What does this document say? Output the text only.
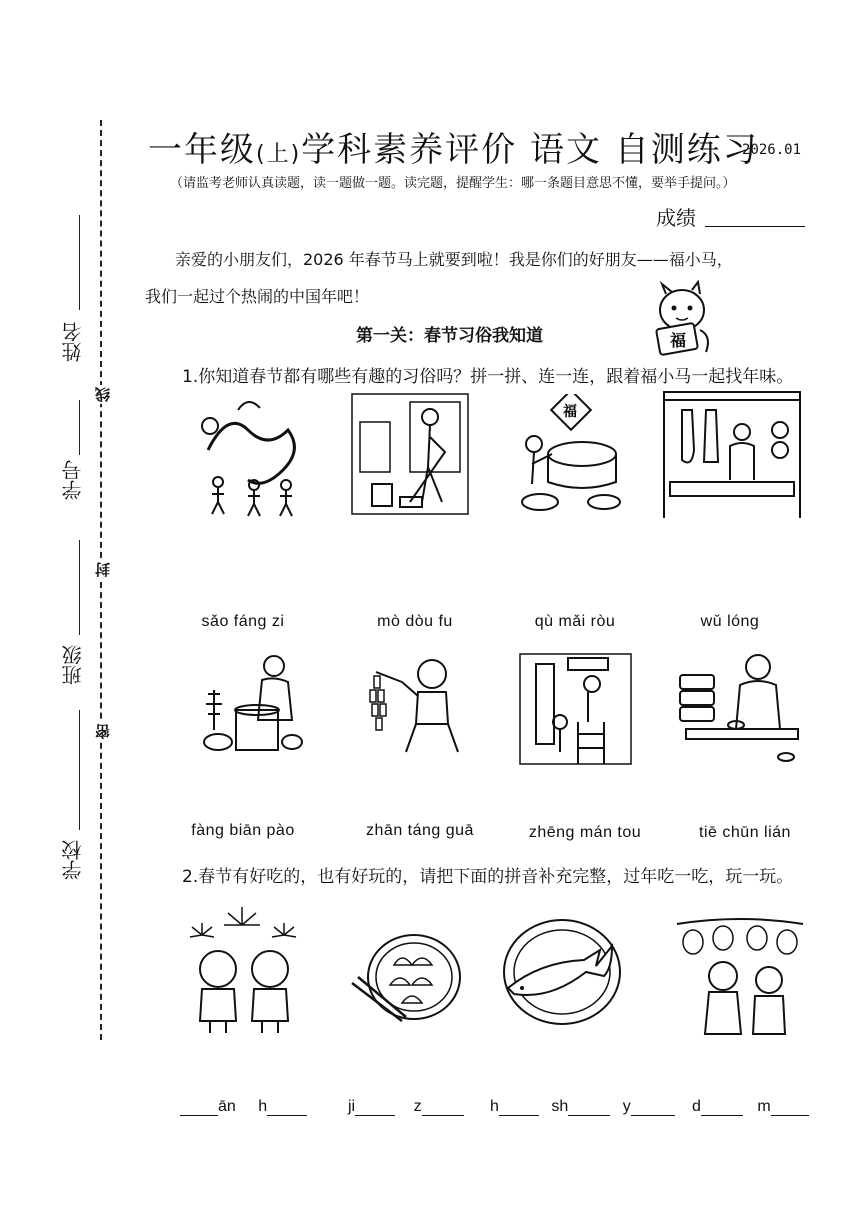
姓名
学号
班级
学校
线
封
密
一年级(上)学科素养评价 语文 自测练习
2026.01
（请监考老师认真读题，读一题做一题。读完题，提醒学生：哪一条题目意思不懂，要举手提问。）
成绩
亲爱的小朋友们，2026 年春节马上就要到啦！我是你们的好朋友——福小马，
我们一起过个热闹的中国年吧！
福
第一关：春节习俗我知道
1.你知道春节都有哪些有趣的习俗吗？拼一拼、连一连，跟着福小马一起找年味。
福
sǎo fáng zi	mò dòu fu	qù mǎi ròu	wǔ lóng
fàng biān pào	zhān táng guā	zhēng mán tou	tiē chūn lián
2.春节有好吃的，也有好玩的，请把下面的拼音补充完整，过年吃一吃，玩一玩。
ān h	ji	z	h	sh	y	d	m
